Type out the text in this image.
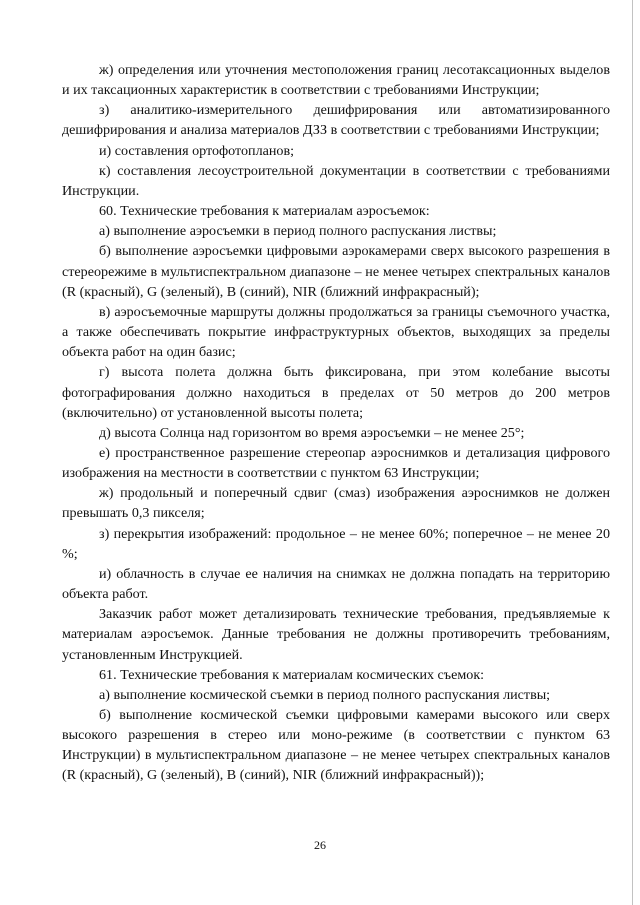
ж) определения или уточнения местоположения границ лесотаксационных выделов и их таксационных характеристик в соответствии с требованиями Инструкции;

з) аналитико-измерительного дешифрирования или автоматизированного дешифрирования и анализа материалов ДЗЗ в соответствии с требованиями Инструкции;

и) составления ортофотопланов;

к) составления лесоустроительной документации в соответствии с требованиями Инструкции.

60. Технические требования к материалам аэросъемок:

а) выполнение аэросъемки в период полного распускания листвы;

б) выполнение аэросъемки цифровыми аэрокамерами сверх высокого разрешения в стереорежиме в мультиспектральном диапазоне – не менее четырех спектральных каналов (R (красный), G (зеленый), B (синий), NIR (ближний инфракрасный);

в) аэросъемочные маршруты должны продолжаться за границы съемочного участка, а также обеспечивать покрытие инфраструктурных объектов, выходящих за пределы объекта работ на один базис;

г) высота полета должна быть фиксирована, при этом колебание высоты фотографирования должно находиться в пределах от 50 метров до 200 метров (включительно) от установленной высоты полета;

д) высота Солнца над горизонтом во время аэросъемки – не менее 25°;

е) пространственное разрешение стереопар аэроснимков и детализация цифрового изображения на местности в соответствии с пунктом 63 Инструкции;

ж) продольный и поперечный сдвиг (смаз) изображения аэроснимков не должен превышать 0,3 пикселя;

з) перекрытия изображений: продольное – не менее 60%; поперечное – не менее 20 %;

и) облачность в случае ее наличия на снимках не должна попадать на территорию объекта работ.

Заказчик работ может детализировать технические требования, предъявляемые к материалам аэросъемок. Данные требования не должны противоречить требованиям, установленным Инструкцией.

61. Технические требования к материалам космических съемок:

а) выполнение космической съемки в период полного распускания листвы;

б) выполнение космической съемки цифровыми камерами высокого или сверх высокого разрешения в стерео или моно-режиме (в соответствии с пунктом 63 Инструкции) в мультиспектральном диапазоне – не менее четырех спектральных каналов (R (красный), G (зеленый), B (синий), NIR (ближний инфракрасный));

26
